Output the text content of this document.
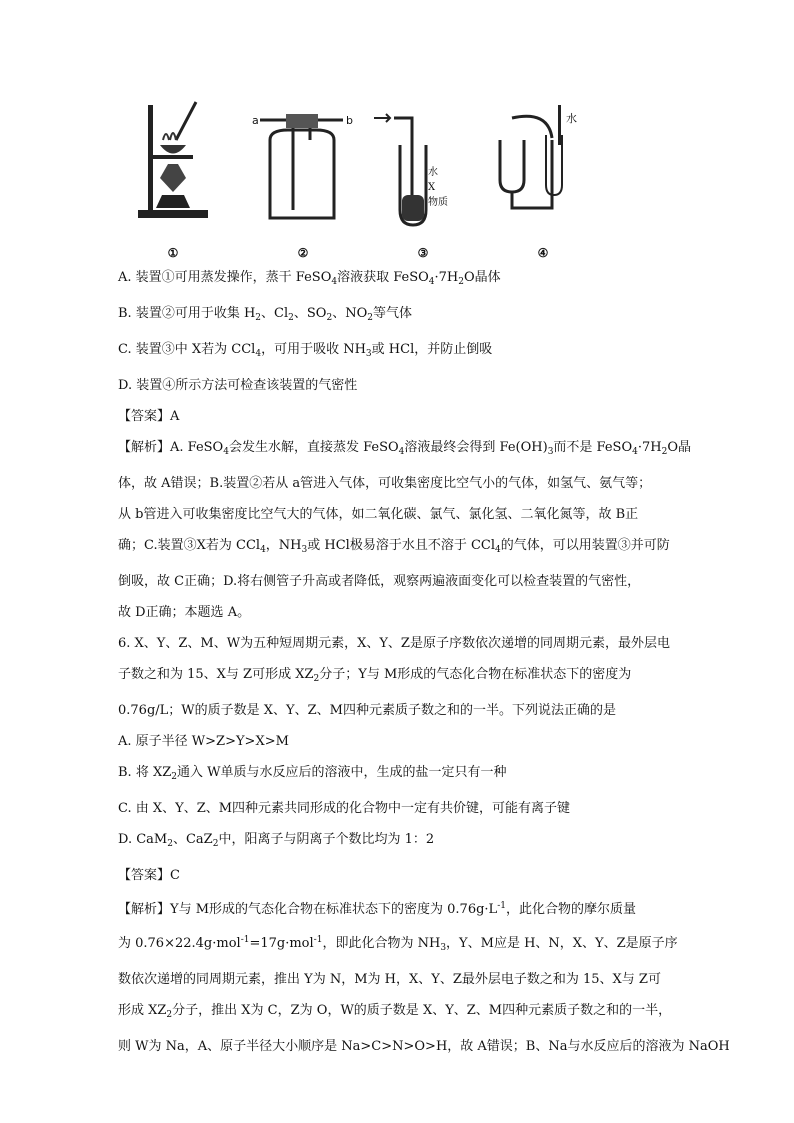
①
a	b
②
水
X
物质
③
水
④
A. 装置①可用蒸发操作，蒸干 FeSO$_4$溶液获取 $FeSO_4\cdot 7H_2O$晶体
B. 装置②可用于收集 $H_2$、$Cl_2$、$SO_2$、$NO_2$等气体
C. 装置③中 X若为 CCl$_4$，可用于吸收 $NH_3$或 HCl，并防止倒吸
D. 装置④所示方法可检查该装置的气密性
【答案】A
【解析】A. FeSO$_4$会发生水解，直接蒸发 FeSO$_4$溶液最终会得到 $Fe(OH)_3$而不是 $FeSO_4\cdot 7H_2O$晶
体，故 A错误；B.装置②若从 a管进入气体，可收集密度比空气小的气体，如氢气、氨气等；
从 b管进入可收集密度比空气大的气体，如二氧化碳、氯气、氯化氢、二氧化氮等，故 B正
确；C.装置③X若为 CCl$_4$，$NH_3$或 HCl极易溶于水且不溶于 CCl$_4$的气体，可以用装置③并可防
倒吸，故 C正确；D.将右侧管子升高或者降低，观察两遍液面变化可以检查装置的气密性，
故 D正确；本题选 A。
6. X、Y、Z、M、W为五种短周期元素，X、Y、Z是原子序数依次递增的同周期元素，最外层电
子数之和为 15、X与 Z可形成 $XZ_2$分子；Y与 M形成的气态化合物在标准状态下的密度为
0.76g/L；W的质子数是 X、Y、Z、M四种元素质子数之和的一半。下列说法正确的是
A. 原子半径 W>Z>Y>X>M
B. 将 $XZ_2$通入 W单质与水反应后的溶液中，生成的盐一定只有一种
C. 由 X、Y、Z、M四种元素共同形成的化合物中一定有共价键，可能有离子键
D. CaM$_2$、CaZ$_2$中，阳离子与阴离子个数比均为 1：2
【答案】C
【解析】Y与 M形成的气态化合物在标准状态下的密度为 $0.76g\cdot L^{-1}$，此化合物的摩尔质量
为 0.76×22.4g·mol$^{-1}$=17g·mol$^{-1}$，即此化合物为 $NH_3$，Y、M应是 H、N，X、Y、Z是原子序
数依次递增的同周期元素，推出 Y为 N，M为 H，X、Y、Z最外层电子数之和为 15、X与 Z可
形成 $XZ_2$分子，推出 X为 C，Z为 O，W的质子数是 X、Y、Z、M四种元素质子数之和的一半，
则 W为 Na，A、原子半径大小顺序是 Na>C>N>O>H，故 A错误；B、Na与水反应后的溶液为 NaOH
